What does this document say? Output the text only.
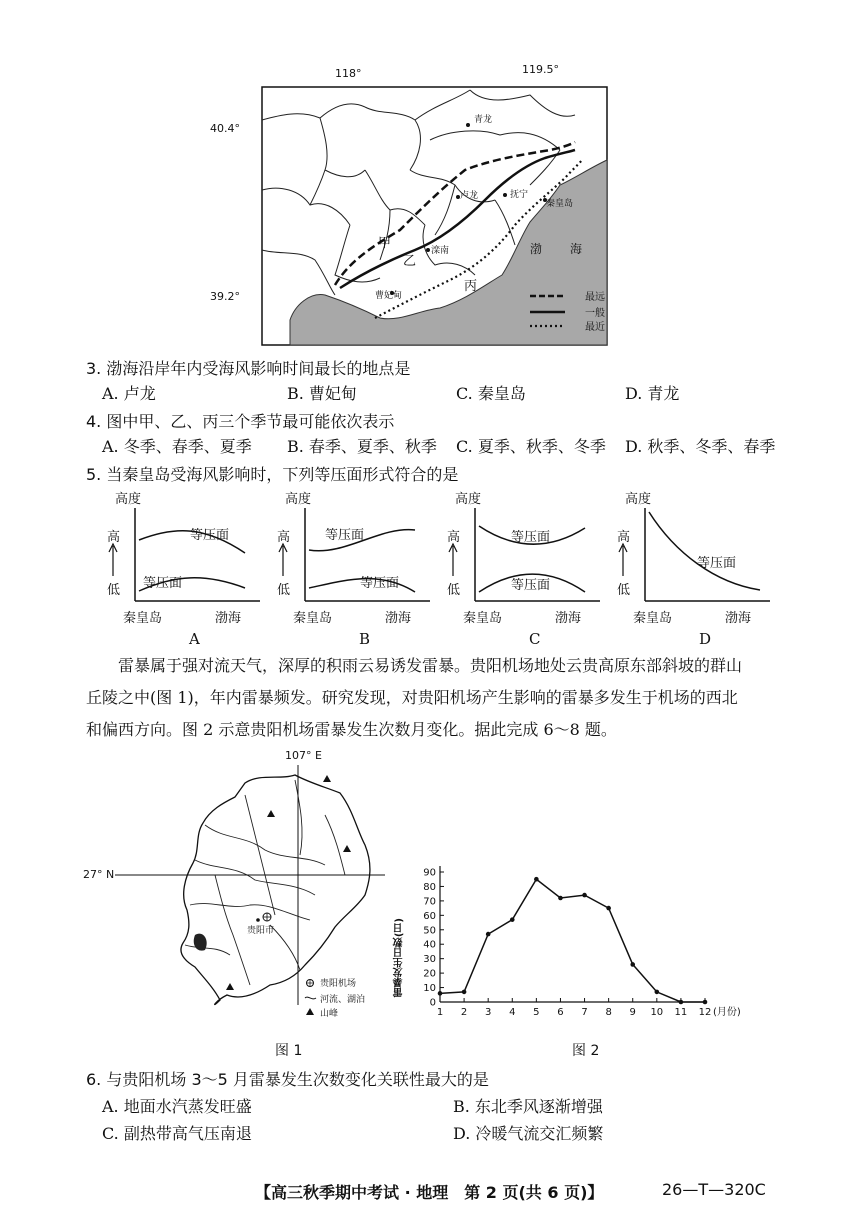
118°	119.5°
40.4°
39.2°
青龙
卢龙	抚宁
秦皇岛
滦南
曹妃甸
甲
乙
丙
渤 海
最远
一般
最近
3. 渤海沿岸年内受海风影响时间最长的地点是
A. 卢龙	B. 曹妃甸	C. 秦皇岛	D. 青龙
4. 图中甲、乙、丙三个季节最可能依次表示
A. 冬季、春季、夏季 B. 春季、夏季、秋季 C. 夏季、秋季、冬季 D. 秋季、冬季、春季
5. 当秦皇岛受海风影响时，下列等压面形式符合的是
高度
高
低
等压面
等压面
秦皇岛	渤海
A
高度
高
低
等压面
等压面
秦皇岛	渤海
B
高度
高
低
等压面
等压面
秦皇岛	渤海
C
高度
高
低
等压面
秦皇岛	渤海
D
雷暴属于强对流天气，深厚的积雨云易诱发雷暴。贵阳机场地处云贵高原东部斜坡的群山
丘陵之中(图 1)，年内雷暴频发。研究发现，对贵阳机场产生影响的雷暴多发生于机场的西北
和偏西方向。图 2 示意贵阳机场雷暴发生次数月变化。据此完成 6～8 题。
107° E
27° N
贵阳市
贵阳机场
河流、湖泊
山峰
图 1
0
10
20
30
40
50
60
70
80
90
1 2 3 4 5 6 7 8 9 10 11 12 (月份)
雷暴发生日数(日)
图 2
6. 与贵阳机场 3～5 月雷暴发生次数变化关联性最大的是
A. 地面水汽蒸发旺盛	B. 东北季风逐渐增强
C. 副热带高气压南退	D. 冷暖气流交汇频繁
【高三秋季期中考试 · 地理　第 2 页(共 6 页)】	26—T—320C
